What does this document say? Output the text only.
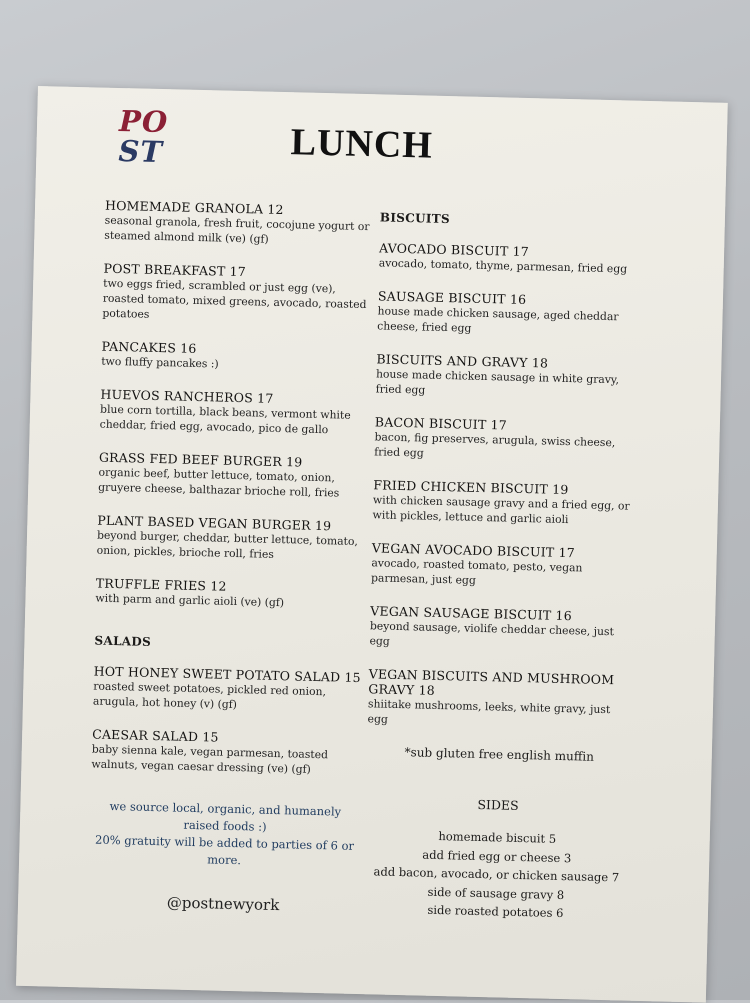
PO
ST	LUNCH
HOMEMADE GRANOLA 12
seasonal granola, fresh fruit, cocojune yogurt or steamed almond milk (ve) (gf)
POST BREAKFAST 17
two eggs fried, scrambled or just egg (ve), roasted tomato, mixed greens, avocado, roasted potatoes
PANCAKES 16
two fluffy pancakes :)
HUEVOS RANCHEROS 17
blue corn tortilla, black beans, vermont white cheddar, fried egg, avocado, pico de gallo
GRASS FED BEEF BURGER 19
organic beef, butter lettuce, tomato, onion, gruyere cheese, balthazar brioche roll, fries
PLANT BASED VEGAN BURGER 19
beyond burger, cheddar, butter lettuce, tomato, onion, pickles, brioche roll, fries
TRUFFLE FRIES 12
with parm and garlic aioli (ve) (gf)
SALADS
HOT HONEY SWEET POTATO SALAD 15
roasted sweet potatoes, pickled red onion, arugula, hot honey (v) (gf)
CAESAR SALAD 15
baby sienna kale, vegan parmesan, toasted walnuts, vegan caesar dressing (ve) (gf)
we source local, organic, and humanely raised foods :)
20% gratuity will be added to parties of 6 or more.
@postnewyork
BISCUITS
AVOCADO BISCUIT 17
avocado, tomato, thyme, parmesan, fried egg
SAUSAGE BISCUIT 16
house made chicken sausage, aged cheddar cheese, fried egg
BISCUITS AND GRAVY 18
house made chicken sausage in white gravy, fried egg
BACON BISCUIT 17
bacon, fig preserves, arugula, swiss cheese, fried egg
FRIED CHICKEN BISCUIT 19
with chicken sausage gravy and a fried egg, or with pickles, lettuce and garlic aioli
VEGAN AVOCADO BISCUIT 17
avocado, roasted tomato, pesto, vegan parmesan, just egg
VEGAN SAUSAGE BISCUIT 16
beyond sausage, violife cheddar cheese, just egg
VEGAN BISCUITS AND MUSHROOM GRAVY 18
shiitake mushrooms, leeks, white gravy, just egg
*sub gluten free english muffin
SIDES
homemade biscuit 5
add fried egg or cheese 3
add bacon, avocado, or chicken sausage 7
side of sausage gravy 8
side roasted potatoes 6
